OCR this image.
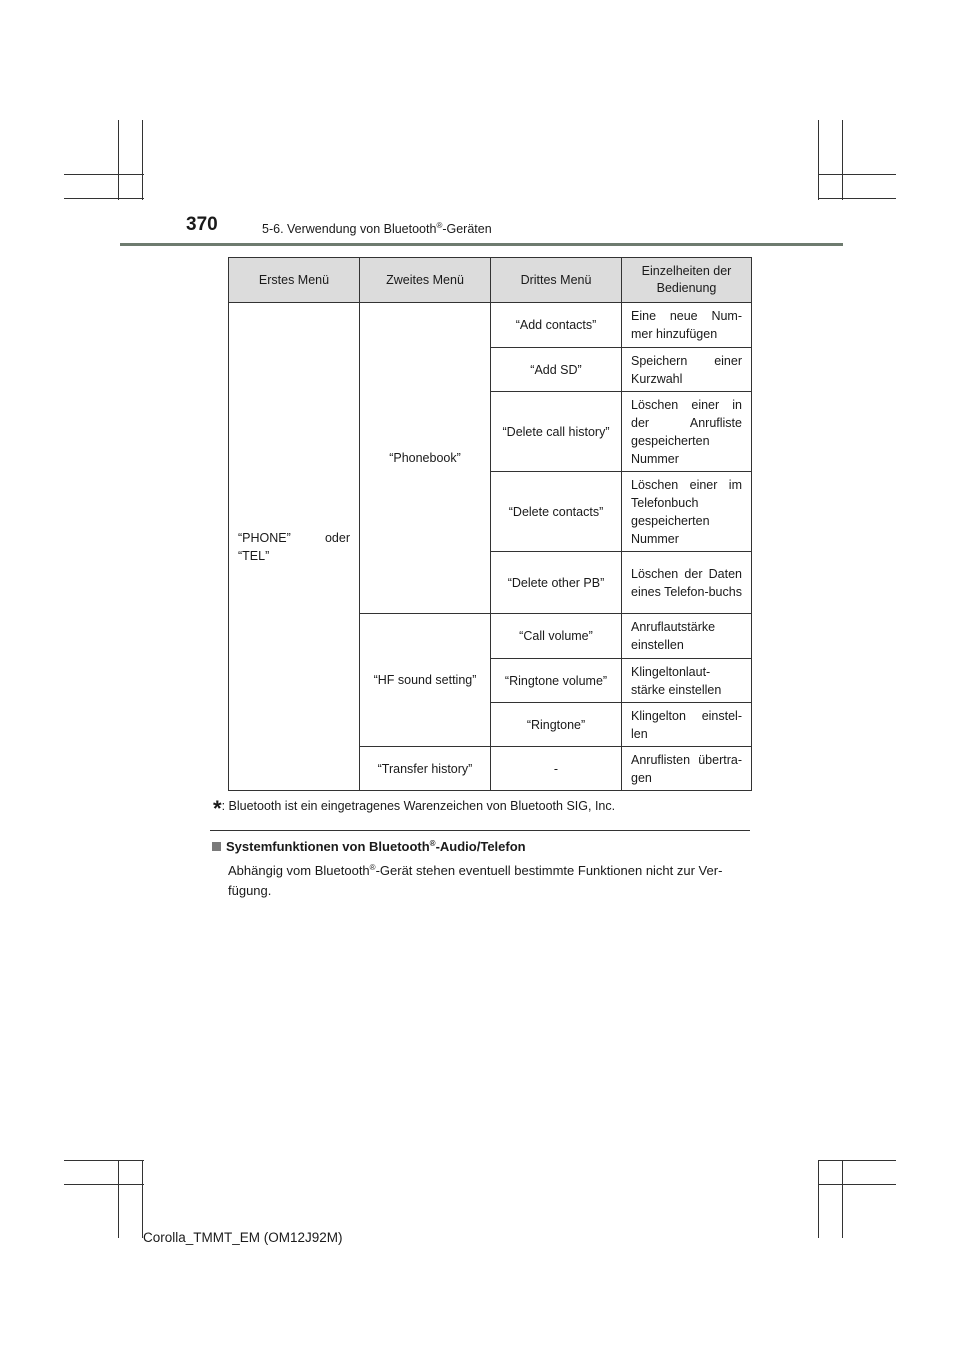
370	5-6. Verwendung von Bluetooth®-Geräten
Erstes Menü	Zweites Menü	Drittes Menü	Einzelheiten der Bedienung
“PHONE” oder “TEL”	“Phonebook”	“Add contacts”	Eine neue Num-mer hinzufügen
		“Add SD”	Speichern einer Kurzwahl
		“Delete call history”	Löschen einer in der Anrufliste gespeicherten Nummer
		“Delete contacts”	Löschen einer im Telefonbuch gespeicherten Nummer
		“Delete other PB”	Löschen der Daten eines Telefon-buchs
	“HF sound setting”	“Call volume”	Anruflautstärke einstellen
		“Ringtone volume”	Klingeltonlaut-stärke einstellen
		“Ringtone”	Klingelton einstel-len
	“Transfer history”	-	Anruflisten übertra-gen
*: Bluetooth ist ein eingetragenes Warenzeichen von Bluetooth SIG, Inc.
Systemfunktionen von Bluetooth®-Audio/Telefon
Abhängig vom Bluetooth®-Gerät stehen eventuell bestimmte Funktionen nicht zur Ver-fügung.
Corolla_TMMT_EM (OM12J92M)
